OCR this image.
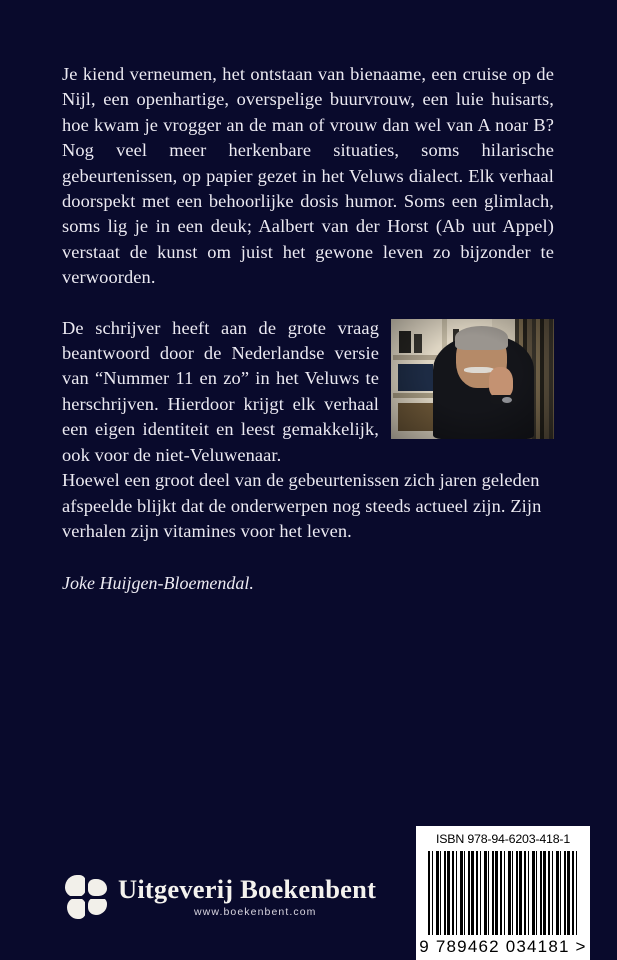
Je kiend verneumen, het ontstaan van bienaame, een cruise op de Nijl, een openhartige, overspelige buurvrouw, een luie huisarts, hoe kwam je vrogger an de man of vrouw dan wel van A noar B? Nog veel meer herkenbare situaties, soms hilarische gebeurtenissen, op papier gezet in het Veluws dialect. Elk verhaal doorspekt met een behoorlijke dosis humor. Soms een glimlach, soms lig je in een deuk; Aalbert van der Horst (Ab uut Appel) verstaat de kunst om juist het gewone leven zo bijzonder te verwoorden.

De schrijver heeft aan de grote vraag beantwoord door de Nederlandse versie van “Nummer 11 en zo” in het Veluws te herschrijven. Hierdoor krijgt elk verhaal een eigen identiteit en leest gemakkelijk, ook voor de niet-Veluwenaar.

Hoewel een groot deel van de gebeurtenissen zich jaren geleden afspeelde blijkt dat de onderwerpen nog steeds actueel zijn. Zijn verhalen zijn vitamines voor het leven.

Joke Huijgen-Bloemendal.
Uitgeverij Boekenbent
www.boekenbent.com
ISBN 978-94-6203-418-1
9 789462 034181 >
